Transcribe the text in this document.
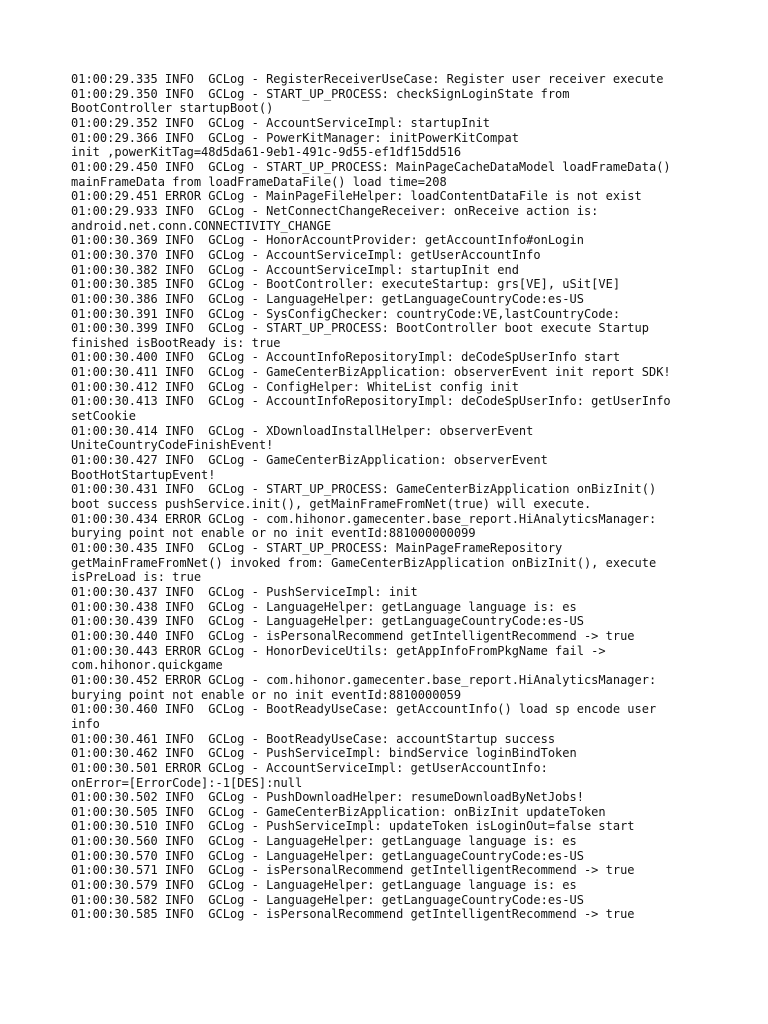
01:00:29.335 INFO  GCLog - RegisterReceiverUseCase: Register user receiver execute
01:00:29.350 INFO  GCLog - START_UP_PROCESS: checkSignLoginState from
BootController startupBoot()
01:00:29.352 INFO  GCLog - AccountServiceImpl: startupInit
01:00:29.366 INFO  GCLog - PowerKitManager: initPowerKitCompat
init ,powerKitTag=48d5da61-9eb1-491c-9d55-ef1df15dd516
01:00:29.450 INFO  GCLog - START_UP_PROCESS: MainPageCacheDataModel loadFrameData()
mainFrameData from loadFrameDataFile() load time=208
01:00:29.451 ERROR GCLog - MainPageFileHelper: loadContentDataFile is not exist
01:00:29.933 INFO  GCLog - NetConnectChangeReceiver: onReceive action is:
android.net.conn.CONNECTIVITY_CHANGE
01:00:30.369 INFO  GCLog - HonorAccountProvider: getAccountInfo#onLogin
01:00:30.370 INFO  GCLog - AccountServiceImpl: getUserAccountInfo
01:00:30.382 INFO  GCLog - AccountServiceImpl: startupInit end
01:00:30.385 INFO  GCLog - BootController: executeStartup: grs[VE], uSit[VE]
01:00:30.386 INFO  GCLog - LanguageHelper: getLanguageCountryCode:es-US
01:00:30.391 INFO  GCLog - SysConfigChecker: countryCode:VE,lastCountryCode:
01:00:30.399 INFO  GCLog - START_UP_PROCESS: BootController boot execute Startup
finished isBootReady is: true
01:00:30.400 INFO  GCLog - AccountInfoRepositoryImpl: deCodeSpUserInfo start
01:00:30.411 INFO  GCLog - GameCenterBizApplication: observerEvent init report SDK!
01:00:30.412 INFO  GCLog - ConfigHelper: WhiteList config init
01:00:30.413 INFO  GCLog - AccountInfoRepositoryImpl: deCodeSpUserInfo: getUserInfo
setCookie
01:00:30.414 INFO  GCLog - XDownloadInstallHelper: observerEvent
UniteCountryCodeFinishEvent!
01:00:30.427 INFO  GCLog - GameCenterBizApplication: observerEvent
BootHotStartupEvent!
01:00:30.431 INFO  GCLog - START_UP_PROCESS: GameCenterBizApplication onBizInit()
boot success pushService.init(), getMainFrameFromNet(true) will execute.
01:00:30.434 ERROR GCLog - com.hihonor.gamecenter.base_report.HiAnalyticsManager:
burying point not enable or no init eventId:881000000099
01:00:30.435 INFO  GCLog - START_UP_PROCESS: MainPageFrameRepository
getMainFrameFromNet() invoked from: GameCenterBizApplication onBizInit(), execute
isPreLoad is: true
01:00:30.437 INFO  GCLog - PushServiceImpl: init
01:00:30.438 INFO  GCLog - LanguageHelper: getLanguage language is: es
01:00:30.439 INFO  GCLog - LanguageHelper: getLanguageCountryCode:es-US
01:00:30.440 INFO  GCLog - isPersonalRecommend getIntelligentRecommend -> true
01:00:30.443 ERROR GCLog - HonorDeviceUtils: getAppInfoFromPkgName fail ->
com.hihonor.quickgame
01:00:30.452 ERROR GCLog - com.hihonor.gamecenter.base_report.HiAnalyticsManager:
burying point not enable or no init eventId:8810000059
01:00:30.460 INFO  GCLog - BootReadyUseCase: getAccountInfo() load sp encode user
info
01:00:30.461 INFO  GCLog - BootReadyUseCase: accountStartup success
01:00:30.462 INFO  GCLog - PushServiceImpl: bindService loginBindToken
01:00:30.501 ERROR GCLog - AccountServiceImpl: getUserAccountInfo:
onError=[ErrorCode]:-1[DES]:null
01:00:30.502 INFO  GCLog - PushDownloadHelper: resumeDownloadByNetJobs!
01:00:30.505 INFO  GCLog - GameCenterBizApplication: onBizInit updateToken
01:00:30.510 INFO  GCLog - PushServiceImpl: updateToken isLoginOut=false start
01:00:30.560 INFO  GCLog - LanguageHelper: getLanguage language is: es
01:00:30.570 INFO  GCLog - LanguageHelper: getLanguageCountryCode:es-US
01:00:30.571 INFO  GCLog - isPersonalRecommend getIntelligentRecommend -> true
01:00:30.579 INFO  GCLog - LanguageHelper: getLanguage language is: es
01:00:30.582 INFO  GCLog - LanguageHelper: getLanguageCountryCode:es-US
01:00:30.585 INFO  GCLog - isPersonalRecommend getIntelligentRecommend -> true
